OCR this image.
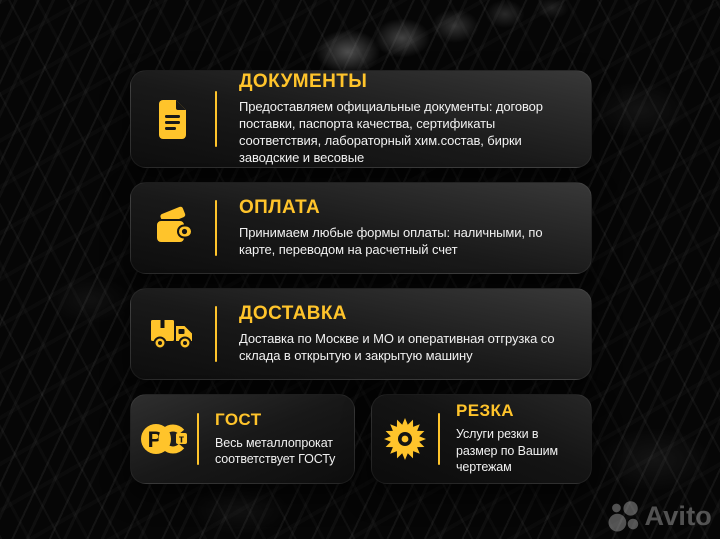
ДОКУМЕНТЫ

Предоставляем официальные документы: договор поставки, паспорта качества, сертификаты соответствия, лабораторный хим.состав, бирки заводские и весовые

ОПЛАТА

Принимаем любые формы оплаты: наличными, по карте, переводом на расчетный счет

ДОСТАВКА

Доставка по Москве и МО и оперативная отгрузка со склада в открытую и закрытую машину

Р т
ГОСТ

Весь металлопрокат соответствует ГОСТу

РЕЗКА

Услуги резки в размер по Вашим чертежам

Avito
